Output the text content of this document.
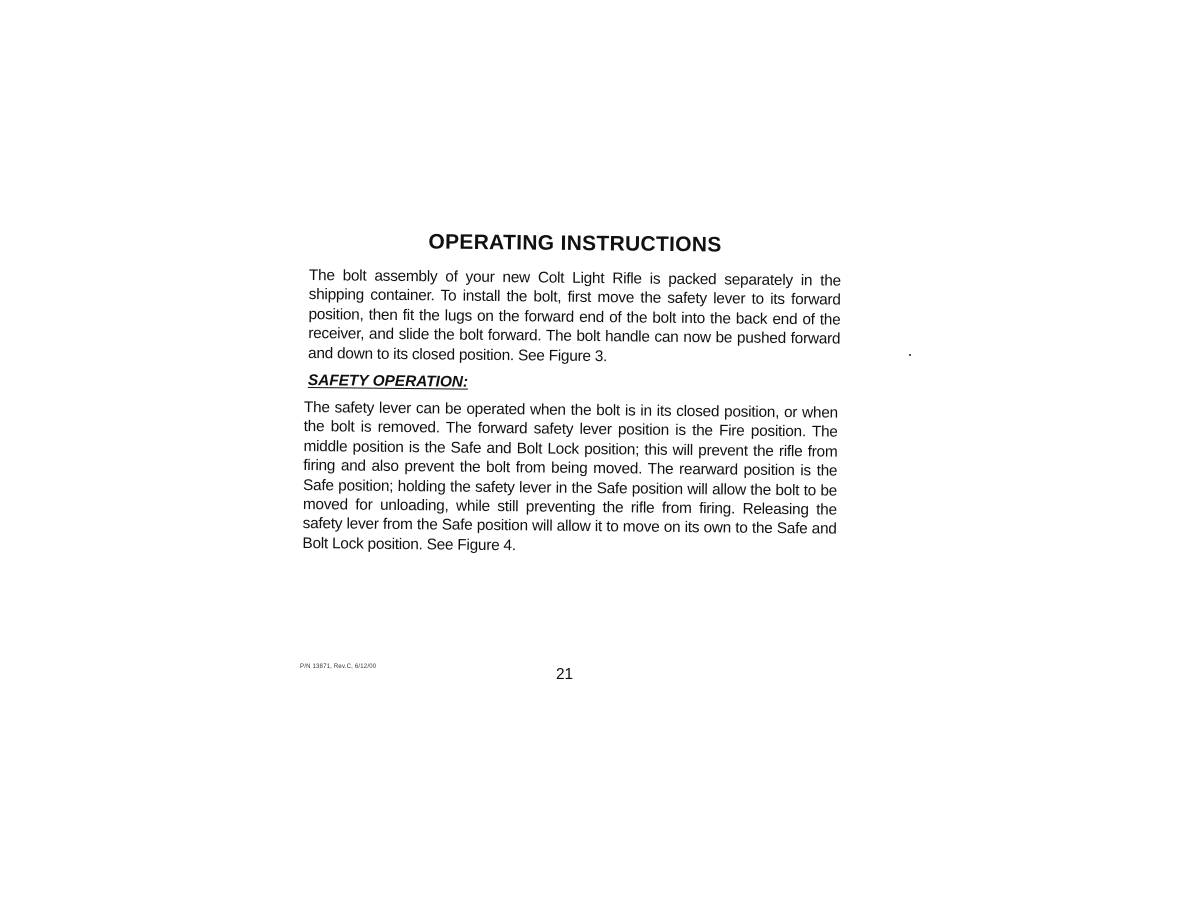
OPERATING INSTRUCTIONS

The bolt assembly of your new Colt Light Rifle is packed separately in the shipping container. To install the bolt, first move the safety lever to its forward position, then fit the lugs on the forward end of the bolt into the back end of the receiver, and slide the bolt forward. The bolt handle can now be pushed forward and down to its closed position. See Figure 3.

SAFETY OPERATION:

The safety lever can be operated when the bolt is in its closed position, or when the bolt is removed. The forward safety lever position is the Fire position. The middle position is the Safe and Bolt Lock position; this will prevent the rifle from firing and also prevent the bolt from being moved. The rearward position is the Safe position; holding the safety lever in the Safe position will allow the bolt to be moved for unloading, while still preventing the rifle from firing. Releasing the safety lever from the Safe position will allow it to move on its own to the Safe and Bolt Lock position. See Figure 4.

P/N 13871, Rev.C, 6/12/00	21
